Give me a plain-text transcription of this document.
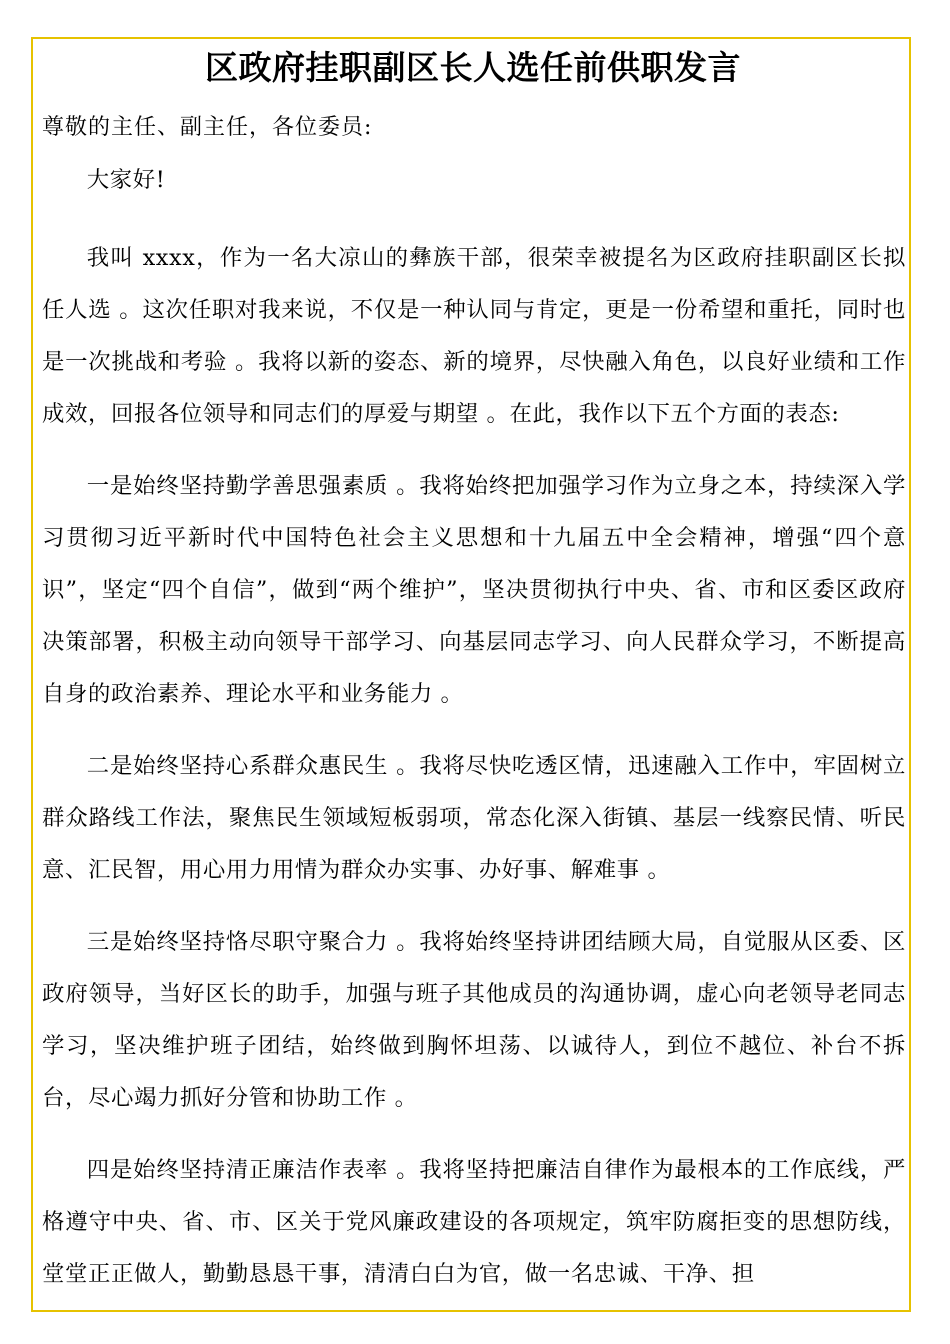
区政府挂职副区长人选任前供职发言

尊敬的主任、副主任，各位委员:

大家好!

我叫 xxxx，作为一名大凉山的彝族干部，很荣幸被提名为区政府挂职副区长拟任人选 。这次任职对我来说，不仅是一种认同与肯定，更是一份希望和重托，同时也是一次挑战和考验 。我将以新的姿态、新的境界，尽快融入角色，以良好业绩和工作成效，回报各位领导和同志们的厚爱与期望 。在此，我作以下五个方面的表态:

一是始终坚持勤学善思强素质 。我将始终把加强学习作为立身之本，持续深入学习贯彻习近平新时代中国特色社会主义思想和十九届五中全会精神，增强“四个意识”，坚定“四个自信”，做到“两个维护”，坚决贯彻执行中央、省、市和区委区政府决策部署，积极主动向领导干部学习、向基层同志学习、向人民群众学习，不断提高自身的政治素养、理论水平和业务能力 。

二是始终坚持心系群众惠民生 。我将尽快吃透区情，迅速融入工作中，牢固树立群众路线工作法，聚焦民生领域短板弱项，常态化深入街镇、基层一线察民情、听民意、汇民智，用心用力用情为群众办实事、办好事、解难事 。

三是始终坚持恪尽职守聚合力 。我将始终坚持讲团结顾大局，自觉服从区委、区政府领导，当好区长的助手，加强与班子其他成员的沟通协调，虚心向老领导老同志学习，坚决维护班子团结，始终做到胸怀坦荡、以诚待人，到位不越位、补台不拆台，尽心竭力抓好分管和协助工作 。

四是始终坚持清正廉洁作表率 。我将坚持把廉洁自律作为最根本的工作底线，严格遵守中央、省、市、区关于党风廉政建设的各项规定，筑牢防腐拒变的思想防线，堂堂正正做人，勤勤恳恳干事，清清白白为官，做一名忠诚、干净、担
